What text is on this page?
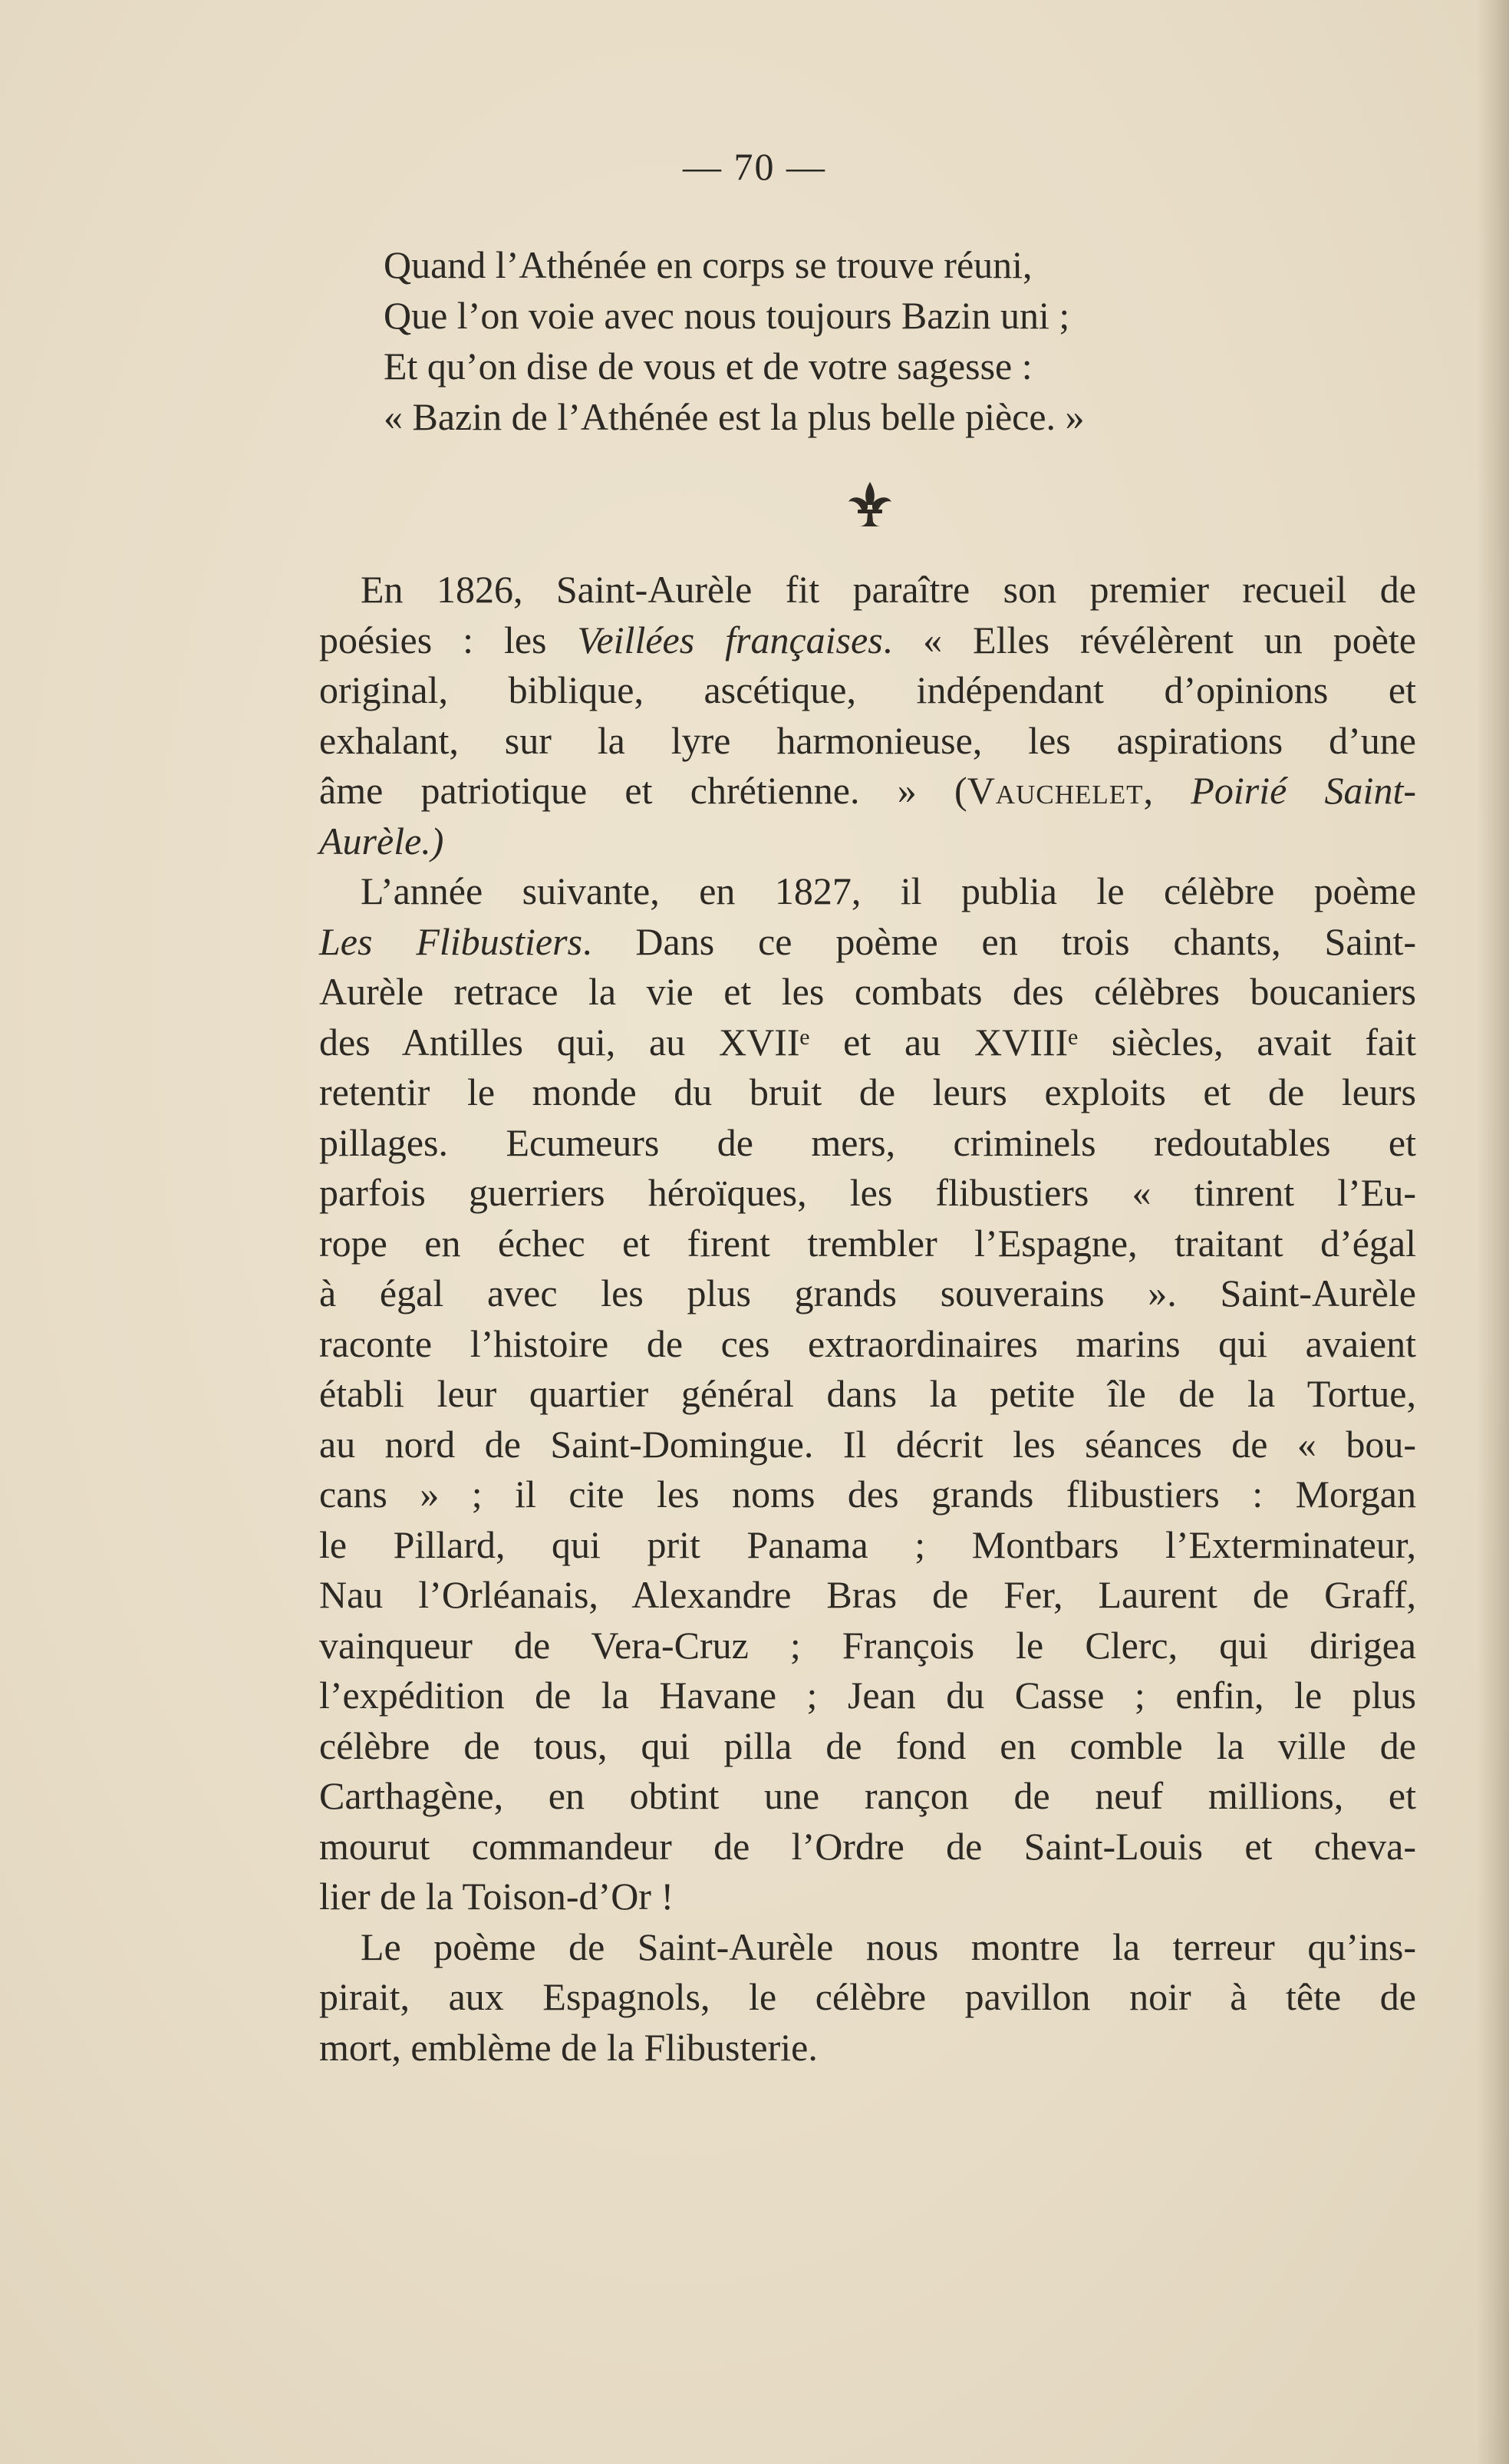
— 70 —
Quand l’Athénée en corps se trouve réuni,
Que l’on voie avec nous toujours Bazin uni ;
Et qu’on dise de vous et de votre sagesse :
« Bazin de l’Athénée est la plus belle pièce. »
En 1826, Saint-Aurèle fit paraître son premier recueil de
poésies : les Veillées françaises. « Elles révélèrent un poète
original, biblique, ascétique, indépendant d’opinions et
exhalant, sur la lyre harmonieuse, les aspirations d’une
âme patriotique et chrétienne. » (Vauchelet, Poirié Saint-
Aurèle.)
L’année suivante, en 1827, il publia le célèbre poème
Les Flibustiers. Dans ce poème en trois chants, Saint-
Aurèle retrace la vie et les combats des célèbres boucaniers
des Antilles qui, au XVIIᵉ et au XVIIIᵉ siècles, avait fait
retentir le monde du bruit de leurs exploits et de leurs
pillages. Ecumeurs de mers, criminels redoutables et
parfois guerriers héroïques, les flibustiers « tinrent l’Eu-
rope en échec et firent trembler l’Espagne, traitant d’égal
à égal avec les plus grands souverains ». Saint-Aurèle
raconte l’histoire de ces extraordinaires marins qui avaient
établi leur quartier général dans la petite île de la Tortue,
au nord de Saint-Domingue. Il décrit les séances de « bou-
cans » ; il cite les noms des grands flibustiers : Morgan
le Pillard, qui prit Panama ; Montbars l’Exterminateur,
Nau l’Orléanais, Alexandre Bras de Fer, Laurent de Graff,
vainqueur de Vera-Cruz ; François le Clerc, qui dirigea
l’expédition de la Havane ; Jean du Casse ; enfin, le plus
célèbre de tous, qui pilla de fond en comble la ville de
Carthagène, en obtint une rançon de neuf millions, et
mourut commandeur de l’Ordre de Saint-Louis et cheva-
lier de la Toison-d’Or !
Le poème de Saint-Aurèle nous montre la terreur qu’ins-
pirait, aux Espagnols, le célèbre pavillon noir à tête de
mort, emblème de la Flibusterie.
